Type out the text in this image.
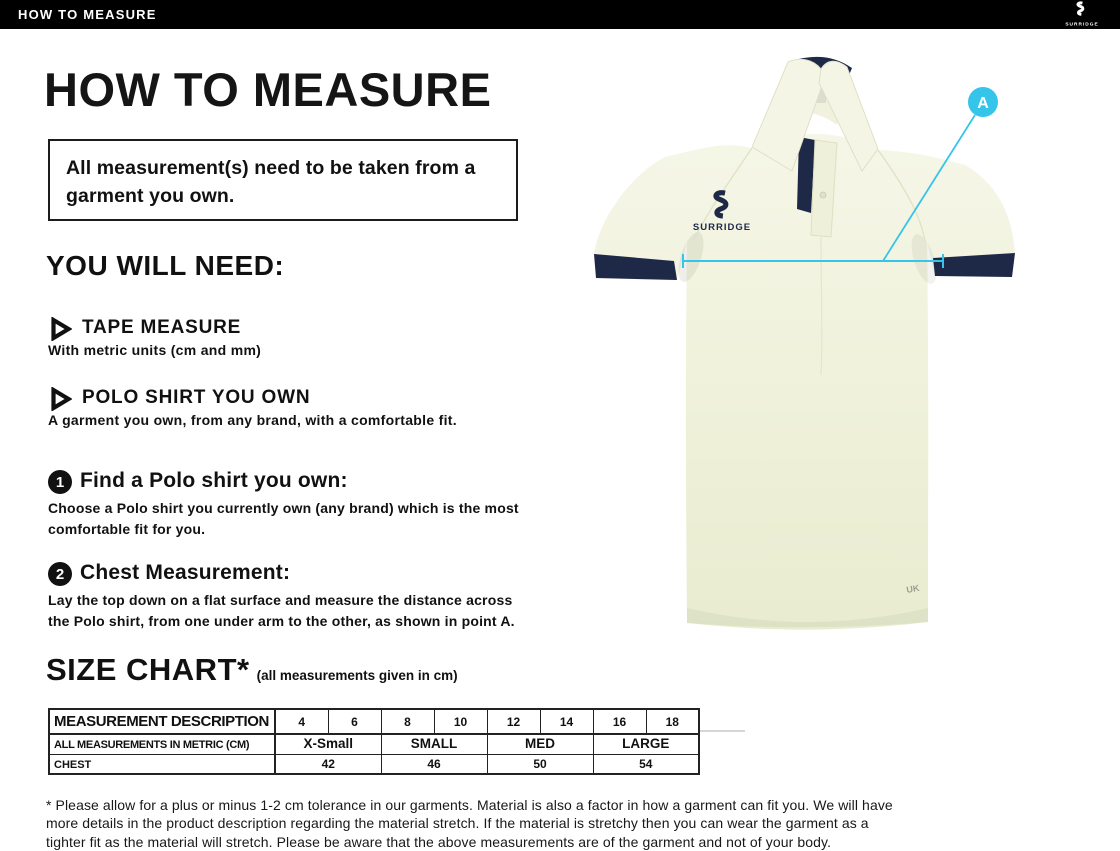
HOW TO MEASURE
SURRIDGE
HOW TO MEASURE
All measurement(s) need to be taken from a
garment you own.
YOU WILL NEED:
TAPE MEASURE
With metric units (cm and mm)
POLO SHIRT YOU OWN
A garment you own, from any brand, with a comfortable fit.
1 Find a Polo shirt you own:
Choose a Polo shirt you currently own (any brand) which is the most
comfortable fit for you.
2 Chest Measurement:
Lay the top down on a flat surface and measure the distance across
the Polo shirt, from one under arm to the other, as shown in point A.
SIZE CHART* (all measurements given in cm)
MEASUREMENT DESCRIPTION	4	6	8	10	12	14	16	18
ALL MEASUREMENTS IN METRIC (CM)	X-Small		SMALL		MED		LARGE	
CHEST	42		46		50		54	
* Please allow for a plus or minus 1-2 cm tolerance in our garments. Material is also a factor in how a garment can fit you. We will have
more details in the product description regarding the material stretch. If the material is stretchy then you can wear the garment as a
tighter fit as the material will stretch. Please be aware that the above measurements are of the garment and not of your body.
SURRIDGE
UK
A
